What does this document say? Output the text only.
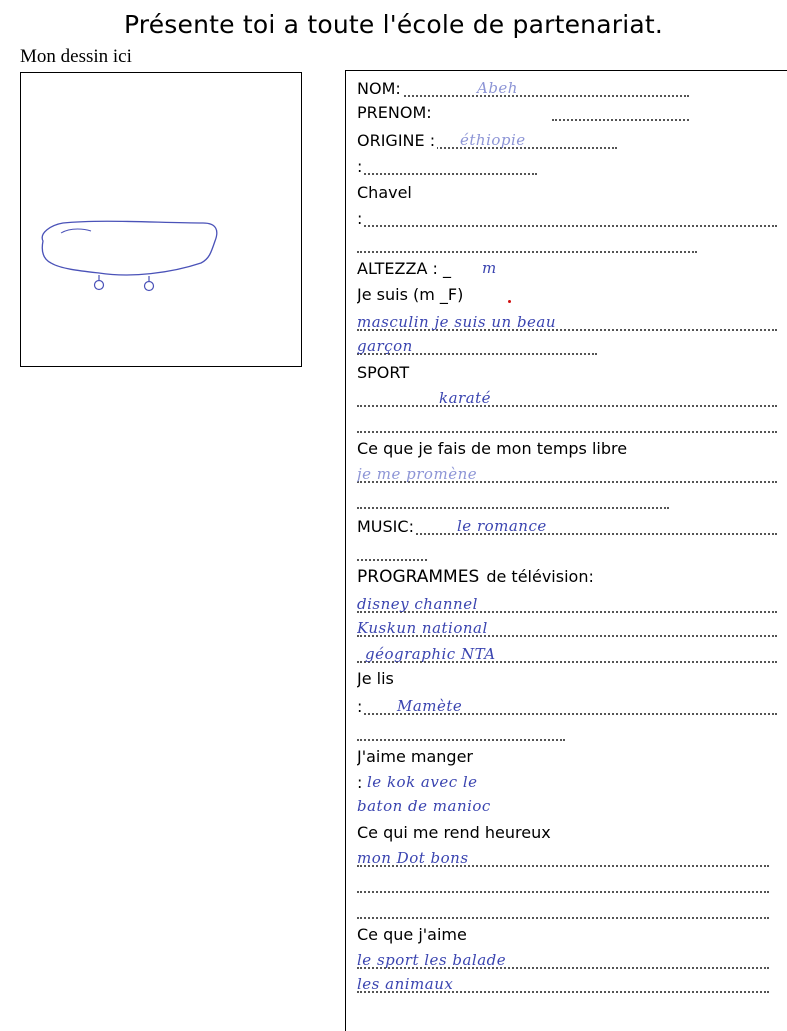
Présente toi a toute l'école de partenariat.
Mon dessin ici
NOM:	Abeh
PRENOM:
ORIGINE : éthiopie
:
Chavel
:
ALTEZZA : _ m
Je suis (m _F)
masculin je suis un beau
garçon
SPORT
karaté
Ce que je fais de mon temps libre
je me promène
MUSIC:	le romance
PROGRAMMES de télévision:
disney channel
Kuskun national
géographic NTA
Je lis
: Mamète
J'aime manger
: le kok avec le
baton de manioc
Ce qui me rend heureux
mon Dot bons
Ce que j'aime
le sport les balade
les animaux
